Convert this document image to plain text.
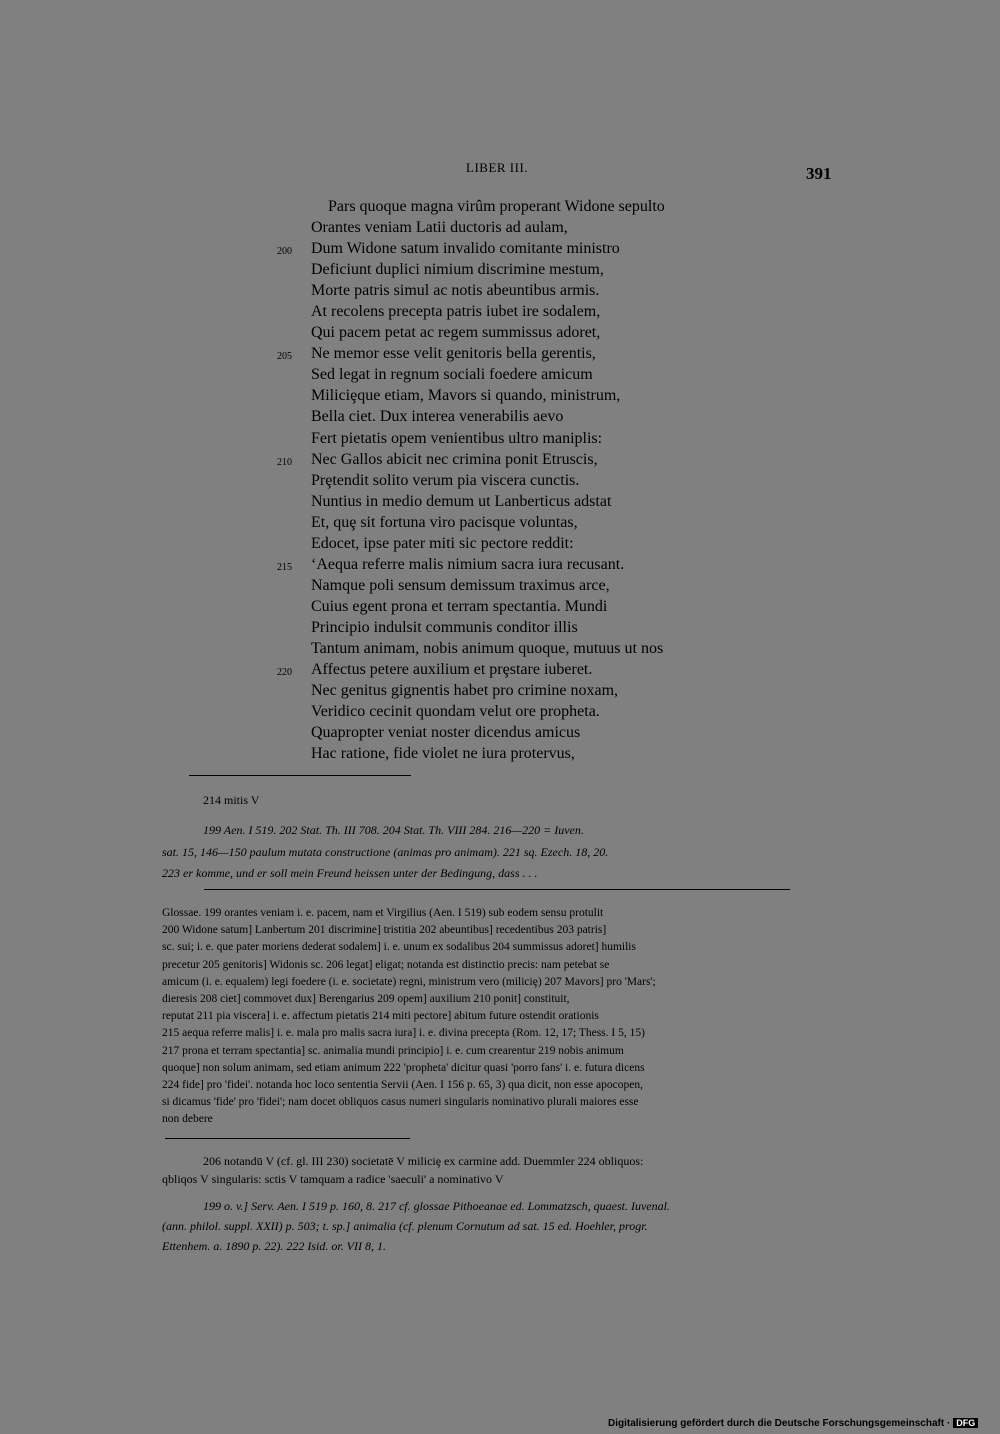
LIBER III.	391
Pars quoque magna virûm properant Widone sepulto
Orantes veniam Latii ductoris ad aulam,
200 Dum Widone satum invalido comitante ministro
Deficiunt duplici nimium discrimine mestum,
Morte patris simul ac notis abeuntibus armis.
At recolens precepta patris iubet ire sodalem,
Qui pacem petat ac regem summissus adoret,
205 Ne memor esse velit genitoris bella gerentis,
Sed legat in regnum sociali foedere amicum
Miliciȩque etiam, Mavors si quando, ministrum,
Bella ciet. Dux interea venerabilis aevo
Fert pietatis opem venientibus ultro maniplis:
210 Nec Gallos abicit nec crimina ponit Etruscis,
Prȩtendit solito verum pia viscera cunctis.
Nuntius in medio demum ut Lanberticus adstat
Et, quȩ sit fortuna viro pacisque voluntas,
Edocet, ipse pater miti sic pectore reddit:
215 ‘Aequa referre malis nimium sacra iura recusant.
Namque poli sensum demissum traximus arce,
Cuius egent prona et terram spectantia. Mundi
Principio indulsit communis conditor illis
Tantum animam, nobis animum quoque, mutuus ut nos
220 Affectus petere auxilium et prȩstare iuberet.
Nec genitus gignentis habet pro crimine noxam,
Veridico cecinit quondam velut ore propheta.
Quapropter veniat noster dicendus amicus
Hac ratione, fide violet ne iura protervus,
214 mitis V
199 Aen. I 519. 202 Stat. Th. III 708. 204 Stat. Th. VIII 284. 216—220 = Iuven.
sat. 15, 146—150 paulum mutata constructione (animas pro animam). 221 sq. Ezech. 18, 20.
223 er komme, und er soll mein Freund heissen unter der Bedingung, dass . . .

Glossae. 199 orantes veniam i. e. pacem, nam et Virgilius (Aen. I 519) sub eodem sensu protulit

200 Widone satum] Lanbertum 201 discrimine] tristitia 202 abeuntibus] recedentibus 203 patris]

sc. sui; i. e. que pater moriens dederat sodalem] i. e. unum ex sodalibus 204 summissus adoret] humilis

precetur 205 genitoris] Widonis sc. 206 legat] eligat; notanda est distinctio precis: nam petebat se

amicum (i. e. equalem) legi foedere (i. e. societate) regni, ministrum vero (miliciȩ) 207 Mavors] pro 'Mars';

dieresis 208 ciet] commovet dux] Berengarius 209 opem] auxilium 210 ponit] constituit,

reputat 211 pia viscera] i. e. affectum pietatis 214 miti pectore] abitum future ostendit orationis

215 aequa referre malis] i. e. mala pro malis sacra iura] i. e. divina precepta (Rom. 12, 17; Thess. I 5, 15)

217 prona et terram spectantia] sc. animalia mundi principio] i. e. cum crearentur 219 nobis animum

quoque] non solum animam, sed etiam animum 222 'propheta' dicitur quasi 'porro fans' i. e. futura dicens

224 fide] pro 'fidei'. notanda hoc loco sententia Servii (Aen. I 156 p. 65, 3) qua dicit, non esse apocopen,

si dicamus 'fide' pro 'fidei'; nam docet obliquos casus numeri singularis nominativo plurali maiores esse

non debere

206 notandū V (cf. gl. III 230) societatē V miliciȩ ex carmine add. Duemmler 224 obliquos:
qbliqos V singularis: sctis V tamquam a radice 'saeculi' a nominativo V
199 o. v.] Serv. Aen. I 519 p. 160, 8. 217 cf. glossae Pithoeanae ed. Lommatzsch, quaest. Iuvenal.
(ann. philol. suppl. XXII) p. 503; t. sp.] animalia (cf. plenum Cornutum ad sat. 15 ed. Hoehler, progr.
Ettenhem. a. 1890 p. 22). 222 Isid. or. VII 8, 1.
Digitalisierung gefördert durch die Deutsche Forschungsgemeinschaft · DFG
